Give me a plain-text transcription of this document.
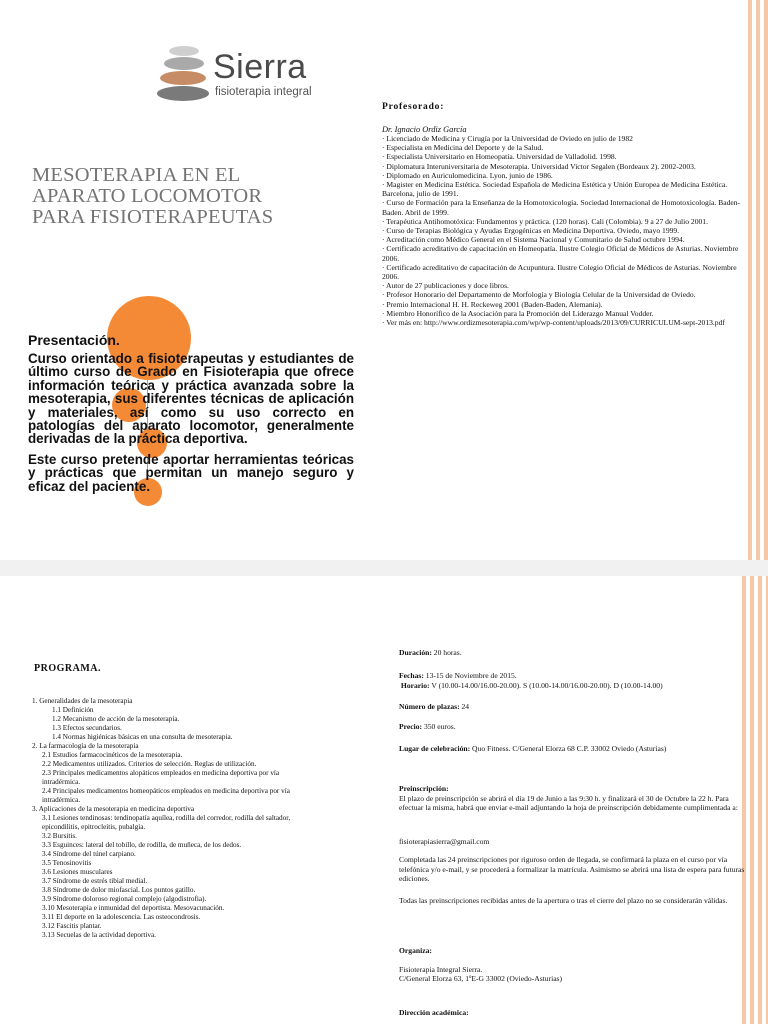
Sierra
fisioterapia integral
MESOTERAPIA EN EL
APARATO LOCOMOTOR
PARA FISIOTERAPEUTAS
Presentación.
Curso orientado a fisioterapeutas y estudiantes de último curso de Grado en Fisioterapia que ofrece información teórica y práctica avanzada sobre la mesoterapia, sus diferentes técnicas de aplicación y materiales, así como su uso correcto en patologías del aparato locomotor, generalmente derivadas de la práctica deportiva.
Este curso pretende aportar herramientas teóricas y prácticas que permitan un manejo seguro y eficaz del paciente.
Profesorado:
Dr. Ignacio Ordiz García
· Licenciado de Medicina y Cirugía por la Universidad de Oviedo en julio de 1982
· Especialista en Medicina del Deporte y de la Salud.
· Especialista Universitario en Homeopatía. Universidad de Valladolid. 1998.
· Diplomatura Interuniversitaria de Mesoterapia. Universidad Victor Segalen (Bordeaux 2). 2002-2003.
· Diplomado en Auriculomedicina. Lyon, junio de 1986.
· Magister en Medicina Estética. Sociedad Española de Medicina Estética y Unión Europea de Medicina Estética. Barcelona, julio de 1991.
· Curso de Formación para la Enseñanza de la Homotoxicología. Sociedad Internacional de Homotoxicología. Baden-Baden. Abril de 1999.
· Terapéutica Antihomotóxica: Fundamentos y práctica. (120 horas). Cali (Colombia). 9 a 27 de Julio 2001.
· Curso de Terapias Biológica y Ayudas Ergogénicas en Medicina Deportiva. Oviedo, mayo 1999.
· Acreditación como Médico General en el Sistema Nacional y Comunitario de Salud octubre 1994.
· Certificado acreditativo de capacitación en Homeopatía. Ilustre Colegio Oficial de Médicos de Asturias. Noviembre 2006.
· Certificado acreditativo de capacitación de Acupuntura. Ilustre Colegio Oficial de Médicos de Asturias. Noviembre 2006.
· Autor de 27 publicaciones y doce libros.
· Profesor Honorario del Departamento de Morfología y Biología Celular de la Universidad de Oviedo.
· Premio Internacional H. H. Reckeweg 2001 (Baden-Baden, Alemania).
· Miembro Honorífico de la Asociación para la Promoción del Liderazgo Manual Vodder.
· Ver más en: http://www.ordizmesoterapia.com/wp/wp-content/uploads/2013/09/CURRICULUM-sept-2013.pdf
PROGRAMA.
1. Generalidades de la mesoterapia
1.1 Definición
1.2 Mecanismo de acción de la mesoterapia.
1.3 Efectos secundarios.
1.4 Normas higiénicas básicas en una consulta de mesoterapia.
2. La farmacología de la mesoterapia
2.1 Estudios farmacocinéticos de la mesoterapia.
2.2 Medicamentos utilizados. Criterios de selección. Reglas de utilización.
2.3 Principales medicamentos alopáticos empleados en medicina deportiva por vía intradérmica.
2.4 Principales medicamentos homeopáticos empleados en medicina deportiva por vía intradérmica.
3. Aplicaciones de la mesoterapia en medicina deportiva
3.1 Lesiones tendinosas: tendinopatía aquílea, rodilla del corredor, rodilla del saltador, epicondilitis, epitrocleítis, pubalgia.
3.2 Bursitis.
3.3 Esguinces: lateral del tobillo, de rodilla, de muñeca, de los dedos.
3.4 Síndrome del túnel carpiano.
3.5 Tenosinovitis
3.6 Lesiones musculares
3.7 Síndrome de estrés tibial medial.
3.8 Síndrome de dolor miofascial. Los puntos gatillo.
3.9 Síndrome doloroso regional complejo (algodistrofia).
3.10 Mesoterapia e inmunidad del deportista. Mesovacunación.
3.11 El deporte en la adolescencia. Las osteocondrosis.
3.12 Fascitis plantar.
3.13 Secuelas de la actividad deportiva.
Duración: 20 horas.

Fechas: 13-15 de Noviembre de 2015.

Horario: V (10.00-14.00/16.00-20.00). S (10.00-14.00/16.00-20.00). D (10.00-14.00)

Número de plazas: 24
Precio: 350 euros.
Lugar de celebración: Quo Fitness. C/General Elorza 68 C.P. 33002 Oviedo (Asturias)

Preinscripción:

El plazo de preinscripción se abrirá el día 19 de Junio a las 9:30 h. y finalizará el 30 de Octubre la 22 h. Para efectuar la misma, habrá que enviar e-mail adjuntando la hoja de preinscripción debidamente cumplimentada a:

fisioterapiasierra@gmail.com
Completada las 24 preinscripciones por riguroso orden de llegada, se confirmará la plaza en el curso por vía telefónica y/o e-mail, y se procederá a formalizar la matrícula. Asimismo se abrirá una lista de espera para futuras ediciones.
Todas las preinscripciones recibidas antes de la apertura o tras el cierre del plazo no se considerarán válidas.

Organiza:

Fisioterapia Integral Sierra.

C/General Elorza 63, 1ºE-G 33002 (Oviedo-Asturias)

Dirección académica:
